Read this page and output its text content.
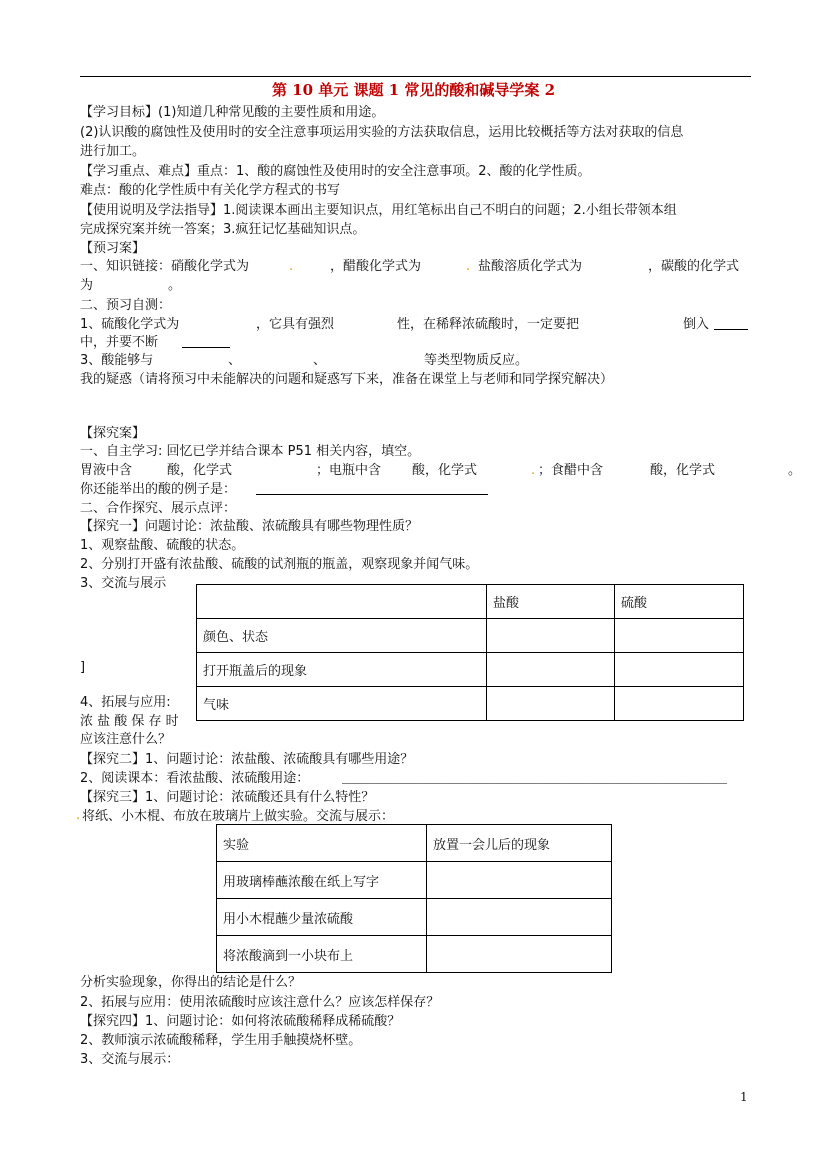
第 10 单元 课题 1 常见的酸和碱导学案 2
【学习目标】(1)知道几种常见酸的主要性质和用途。
(2)认识酸的腐蚀性及使用时的安全注意事项运用实验的方法获取信息，运用比较概括等方法对获取的信息
进行加工。
【学习重点、难点】重点：1、酸的腐蚀性及使用时的安全注意事项。2、酸的化学性质。
难点：酸的化学性质中有关化学方程式的书写
【使用说明及学法指导】1.阅读课本画出主要知识点，用红笔标出自己不明白的问题；2.小组长带领本组
完成探究案并统一答案；3.疯狂记忆基础知识点。
【预习案】
一、知识链接：硝酸化学式为	.	，醋酸化学式为	. 盐酸溶质化学式为	，碳酸的化学式
为	。
二、预习自测：
1、硫酸化学式为	，它具有强烈	性，在稀释浓硫酸时，一定要把	倒入
中，并要不断
3、酸能够与	、	、	等类型物质反应。
我的疑惑（请将预习中未能解决的问题和疑惑写下来，准备在课堂上与老师和同学探究解决）
【探究案】
一、自主学习: 回忆已学并结合课本 P51 相关内容，填空。
胃液中含	酸，化学式	；电瓶中含 酸，化学式	. ；食醋中含	酸，化学式	。
你还能举出的酸的例子是：
二、合作探究、展示点评：
【探究一】问题讨论：浓盐酸、浓硫酸具有哪些物理性质？
1、观察盐酸、硫酸的状态。
2、分别打开盛有浓盐酸、硫酸的试剂瓶的瓶盖，观察现象并闻气味。
3、交流与展示
	盐酸	硫酸
颜色、状态		
打开瓶盖后的现象		
气味		
]
4、拓展与应用:
浓 盐 酸 保 存 时
应该注意什么？
【探究二】1、问题讨论：浓盐酸、浓硫酸具有哪些用途？
2、阅读课本：看浓盐酸、浓硫酸用途：	＿＿＿＿＿＿＿＿＿＿＿＿＿＿＿＿＿＿＿＿＿＿＿＿＿＿＿＿＿＿＿＿
【探究三】1、问题讨论：浓硫酸还具有什么特性？
. 将纸、小木棍、布放在玻璃片上做实验。交流与展示：
实验	放置一会儿后的现象
用玻璃棒蘸浓酸在纸上写字	
用小木棍蘸少量浓硫酸	
将浓酸滴到一小块布上	
分析实验现象，你得出的结论是什么？
2、拓展与应用：使用浓硫酸时应该注意什么？应该怎样保存？
【探究四】1、问题讨论：如何将浓硫酸稀释成稀硫酸？
2、教师演示浓硫酸稀释，学生用手触摸烧杯壁。
3、交流与展示：
1
